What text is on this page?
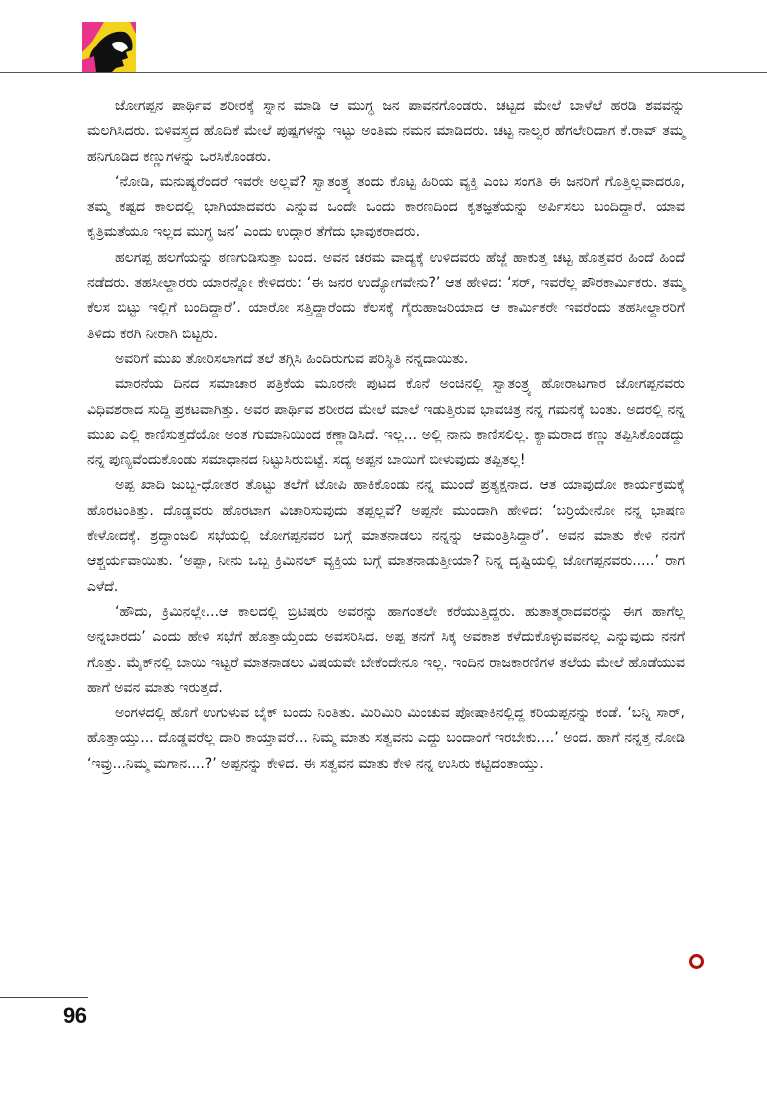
ಜೋಗಪ್ಪನ ಪಾರ್ಥಿವ ಶರೀರಕ್ಕೆ ಸ್ನಾನ ಮಾಡಿ ಆ ಮುಗ್ಧ ಜನ ಪಾವನಗೊಂಡರು. ಚಟ್ಟದ ಮೇಲೆ ಬಾಳೆಲೆ ಹರಡಿ ಶವವನ್ನು ಮಲಗಿಸಿದರು. ಬಿಳಿವಸ್ತ್ರದ ಹೊದಿಕೆ ಮೇಲೆ ಪುಷ್ಪಗಳನ್ನು ಇಟ್ಟು ಅಂತಿಮ ನಮನ ಮಾಡಿದರು. ಚಟ್ಟ ನಾಲ್ವರ ಹೆಗಲೇರಿದಾಗ ಕೆ.ರಾವ್ ತಮ್ಮ ಹನಿಗೂಡಿದ ಕಣ್ಣುಗಳನ್ನು ಒರಸಿಕೊಂಡರು.

‘ನೋಡಿ, ಮನುಷ್ಯರೆಂದರೆ ಇವರೇ ಅಲ್ಲವೆ? ಸ್ವಾತಂತ್ರ್ಯ ತಂದು ಕೊಟ್ಟ ಹಿರಿಯ ವ್ಯಕ್ತಿ ಎಂಬ ಸಂಗತಿ ಈ ಜನರಿಗೆ ಗೊತ್ತಿಲ್ಲವಾದರೂ, ತಮ್ಮ ಕಷ್ಟದ ಕಾಲದಲ್ಲಿ ಭಾಗಿಯಾದವರು ಎನ್ನುವ ಒಂದೇ ಒಂದು ಕಾರಣದಿಂದ ಕೃತಜ್ಞತೆಯನ್ನು ಅರ್ಪಿಸಲು ಬಂದಿದ್ದಾರೆ. ಯಾವ ಕೃತ್ರಿಮತೆಯೂ ಇಲ್ಲದ ಮುಗ್ಧ ಜನ’ ಎಂದು ಉದ್ಗಾರ ತೆಗೆದು ಭಾವುಕರಾದರು.

ಹಲಗಪ್ಪ ಹಲಗೆಯನ್ನು ಠಣಗುಡಿಸುತ್ತಾ ಬಂದ. ಅವನ ಚರಮ ವಾದ್ಯಕ್ಕೆ ಉಳಿದವರು ಹೆಜ್ಜೆ ಹಾಕುತ್ತ ಚಟ್ಟ ಹೊತ್ತವರ ಹಿಂದೆ ಹಿಂದೆ ನಡೆದರು. ತಹಸೀಲ್ದಾರರು ಯಾರನ್ನೋ ಕೇಳಿದರು: ‘ಈ ಜನರ ಉದ್ಯೋಗವೇನು?’ ಆತ ಹೇಳಿದ: ‘ಸರ್, ಇವರೆಲ್ಲ ಪೌರಕಾರ್ಮಿಕರು. ತಮ್ಮ ಕೆಲಸ ಬಿಟ್ಟು ಇಲ್ಲಿಗೆ ಬಂದಿದ್ದಾರೆ’. ಯಾರೋ ಸತ್ತಿದ್ದಾರೆಂದು ಕೆಲಸಕ್ಕೆ ಗೈರುಹಾಜರಿಯಾದ ಆ ಕಾರ್ಮಿಕರೇ ಇವರೆಂದು ತಹಸೀಲ್ದಾರರಿಗೆ ತಿಳಿದು ಕರಗಿ ನೀರಾಗಿ ಬಿಟ್ಟರು.

ಅವರಿಗೆ ಮುಖ ತೋರಿಸಲಾಗದೆ ತಲೆ ತಗ್ಗಿಸಿ ಹಿಂದಿರುಗುವ ಪರಿಸ್ಥಿತಿ ನನ್ನದಾಯಿತು.

ಮಾರನೆಯ ದಿನದ ಸಮಾಚಾರ ಪತ್ರಿಕೆಯ ಮೂರನೇ ಪುಟದ ಕೊನೆ ಅಂಚಿನಲ್ಲಿ ಸ್ವಾತಂತ್ರ್ಯ ಹೋರಾಟಗಾರ ಜೋಗಪ್ಪನವರು ವಿಧಿವಶರಾದ ಸುದ್ದಿ ಪ್ರಕಟವಾಗಿತ್ತು. ಅವರ ಪಾರ್ಥಿವ ಶರೀರದ ಮೇಲೆ ಮಾಲೆ ಇಡುತ್ತಿರುವ ಭಾವಚಿತ್ರ ನನ್ನ ಗಮನಕ್ಕೆ ಬಂತು. ಅದರಲ್ಲಿ ನನ್ನ ಮುಖ ಎಲ್ಲಿ ಕಾಣಿಸುತ್ತದೆಯೋ ಅಂತ ಗುಮಾನಿಯಿಂದ ಕಣ್ಣಾಡಿಸಿದೆ. ಇಲ್ಲ... ಅಲ್ಲಿ ನಾನು ಕಾಣಿಸಲಿಲ್ಲ. ಕ್ಯಾಮರಾದ ಕಣ್ಣು ತಪ್ಪಿಸಿಕೊಂಡದ್ದು ನನ್ನ ಪುಣ್ಯವೆಂದುಕೊಂಡು ಸಮಾಧಾನದ ನಿಟ್ಟುಸಿರುಬಿಟ್ಟೆ. ಸದ್ಯ ಅಪ್ಪನ ಬಾಯಿಗೆ ಬೀಳುವುದು ತಪ್ಪಿತಲ್ಲ!

ಅಪ್ಪ ಖಾದಿ ಜುಬ್ಬ-ಧೋತರ ತೊಟ್ಟು ತಲೆಗೆ ಟೋಪಿ ಹಾಕಿಕೊಂಡು ನನ್ನ ಮುಂದೆ ಪ್ರತ್ಯಕ್ಷನಾದ. ಆತ ಯಾವುದೋ ಕಾರ್ಯಕ್ರಮಕ್ಕೆ ಹೊರಟಂತಿತ್ತು. ದೊಡ್ಡವರು ಹೊರಟಾಗ ವಿಚಾರಿಸುವುದು ತಪ್ಪಲ್ಲವೆ? ಅಪ್ಪನೇ ಮುಂದಾಗಿ ಹೇಳಿದ: ‘ಬರ‍್ರಿಯೇನೋ ನನ್ನ ಭಾಷಣ ಕೇಳೋದಕ್ಕೆ. ಶ್ರದ್ಧಾಂಜಲಿ ಸಭೆಯಲ್ಲಿ ಜೋಗಪ್ಪನವರ ಬಗ್ಗೆ ಮಾತನಾಡಲು ನನ್ನನ್ನು ಆಮಂತ್ರಿಸಿದ್ದಾರೆ’. ಅವನ ಮಾತು ಕೇಳಿ ನನಗೆ ಆಶ್ಚರ್ಯವಾಯಿತು. ‘ಅಪ್ಪಾ, ನೀನು ಒಬ್ಬ ಕ್ರಿಮಿನಲ್ ವ್ಯಕ್ತಿಯ ಬಗ್ಗೆ ಮಾತನಾಡುತ್ತೀಯಾ? ನಿನ್ನ ದೃಷ್ಟಿಯಲ್ಲಿ ಜೋಗಪ್ಪನವರು.....’ ರಾಗ ಎಳೆದೆ.

‘ಹೌದು, ಕ್ರಿಮಿನಲ್ಲೇ...ಆ ಕಾಲದಲ್ಲಿ ಬ್ರಿಟಿಷರು ಅವರನ್ನು ಹಾಗಂತಲೇ ಕರೆಯುತ್ತಿದ್ದರು. ಹುತಾತ್ಮರಾದವರನ್ನು ಈಗ ಹಾಗೆಲ್ಲ ಅನ್ನಬಾರದು’ ಎಂದು ಹೇಳಿ ಸಭೆಗೆ ಹೊತ್ತಾಯ್ತೆಂದು ಅವಸರಿಸಿದ. ಅಪ್ಪ ತನಗೆ ಸಿಕ್ಕ ಅವಕಾಶ ಕಳೆದುಕೊಳ್ಳುವವನಲ್ಲ ಎನ್ನುವುದು ನನಗೆ ಗೊತ್ತು. ಮೈಕ್‌ನಲ್ಲಿ ಬಾಯಿ ಇಟ್ಟರೆ ಮಾತನಾಡಲು ವಿಷಯವೇ ಬೇಕೆಂದೇನೂ ಇಲ್ಲ. ಇಂದಿನ ರಾಜಕಾರಣಿಗಳ ತಲೆಯ ಮೇಲೆ ಹೊಡೆಯುವ ಹಾಗೆ ಅವನ ಮಾತು ಇರುತ್ತದೆ.

ಅಂಗಳದಲ್ಲಿ ಹೊಗೆ ಉಗುಳುವ ಬೈಕ್ ಬಂದು ನಿಂತಿತು. ಮಿರಿಮಿರಿ ಮಿಂಚುವ ಪೋಷಾಕಿನಲ್ಲಿದ್ದ ಕರಿಯಪ್ಪನನ್ನು ಕಂಡೆ. ‘ಬನ್ನಿ ಸಾರ್, ಹೊತ್ತಾಯ್ತು... ದೊಡ್ಡವರೆಲ್ಲ ದಾರಿ ಕಾಯ್ತಾವರೆ... ನಿಮ್ಮ ಮಾತು ಸತ್ವವನು ಎದ್ದು ಬಂದಾಂಗೆ ಇರಬೇಕು....’ ಅಂದ. ಹಾಗೆ ನನ್ನತ್ತ ನೋಡಿ ‘ಇವ್ರು...ನಿಮ್ಮ ಮಗಾನ....?’ ಅಪ್ಪನನ್ನು ಕೇಳಿದ. ಈ ಸತ್ವವನ ಮಾತು ಕೇಳಿ ನನ್ನ ಉಸಿರು ಕಟ್ಟಿದಂತಾಯ್ತು.

96
